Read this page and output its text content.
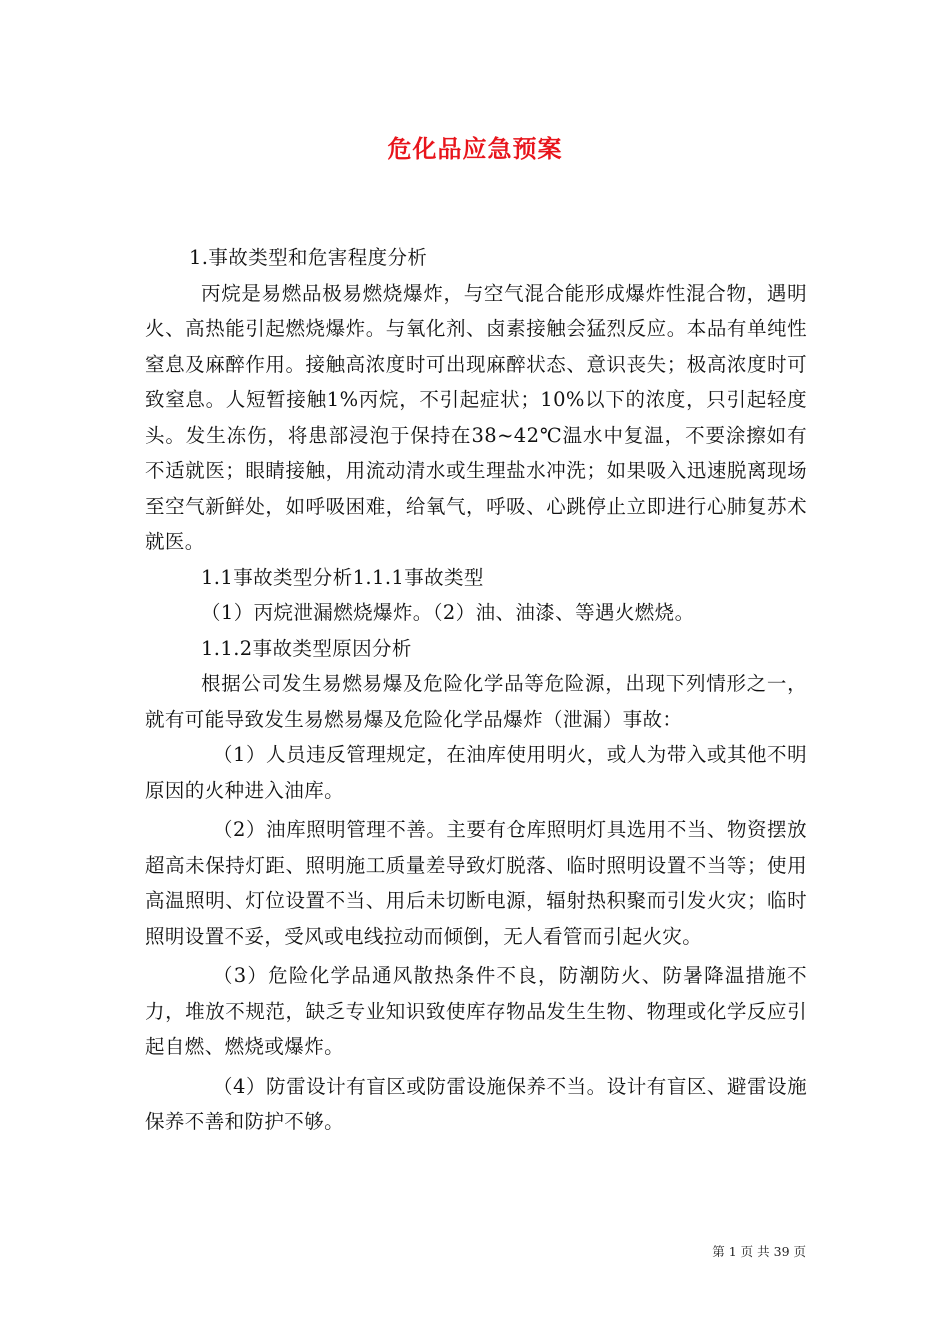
危化品应急预案

1.事故类型和危害程度分析

丙烷是易燃品极易燃烧爆炸，与空气混合能形成爆炸性混合物，遇明火、高热能引起燃烧爆炸。与氧化剂、卤素接触会猛烈反应。本品有单纯性窒息及麻醉作用。接触高浓度时可出现麻醉状态、意识丧失；极高浓度时可致窒息。人短暂接触1%丙烷，不引起症状；10%以下的浓度，只引起轻度头。发生冻伤，将患部浸泡于保持在38~42℃温水中复温，不要涂擦如有不适就医；眼睛接触，用流动清水或生理盐水冲洗；如果吸入迅速脱离现场至空气新鲜处，如呼吸困难，给氧气，呼吸、心跳停止立即进行心肺复苏术就医。

1.1事故类型分析1.1.1事故类型

（1）丙烷泄漏燃烧爆炸。（2）油、油漆、等遇火燃烧。

1.1.2事故类型原因分析

根据公司发生易燃易爆及危险化学品等危险源，出现下列情形之一，就有可能导致发生易燃易爆及危险化学品爆炸（泄漏）事故：

（1）人员违反管理规定，在油库使用明火，或人为带入或其他不明原因的火种进入油库。

（2）油库照明管理不善。主要有仓库照明灯具选用不当、物资摆放超高未保持灯距、照明施工质量差导致灯脱落、临时照明设置不当等；使用高温照明、灯位设置不当、用后未切断电源，辐射热积聚而引发火灾；临时照明设置不妥，受风或电线拉动而倾倒，无人看管而引起火灾。

（3）危险化学品通风散热条件不良，防潮防火、防暑降温措施不力，堆放不规范，缺乏专业知识致使库存物品发生生物、物理或化学反应引起自燃、燃烧或爆炸。

（4）防雷设计有盲区或防雷设施保养不当。设计有盲区、避雷设施保养不善和防护不够。

第 1 页 共 39 页
